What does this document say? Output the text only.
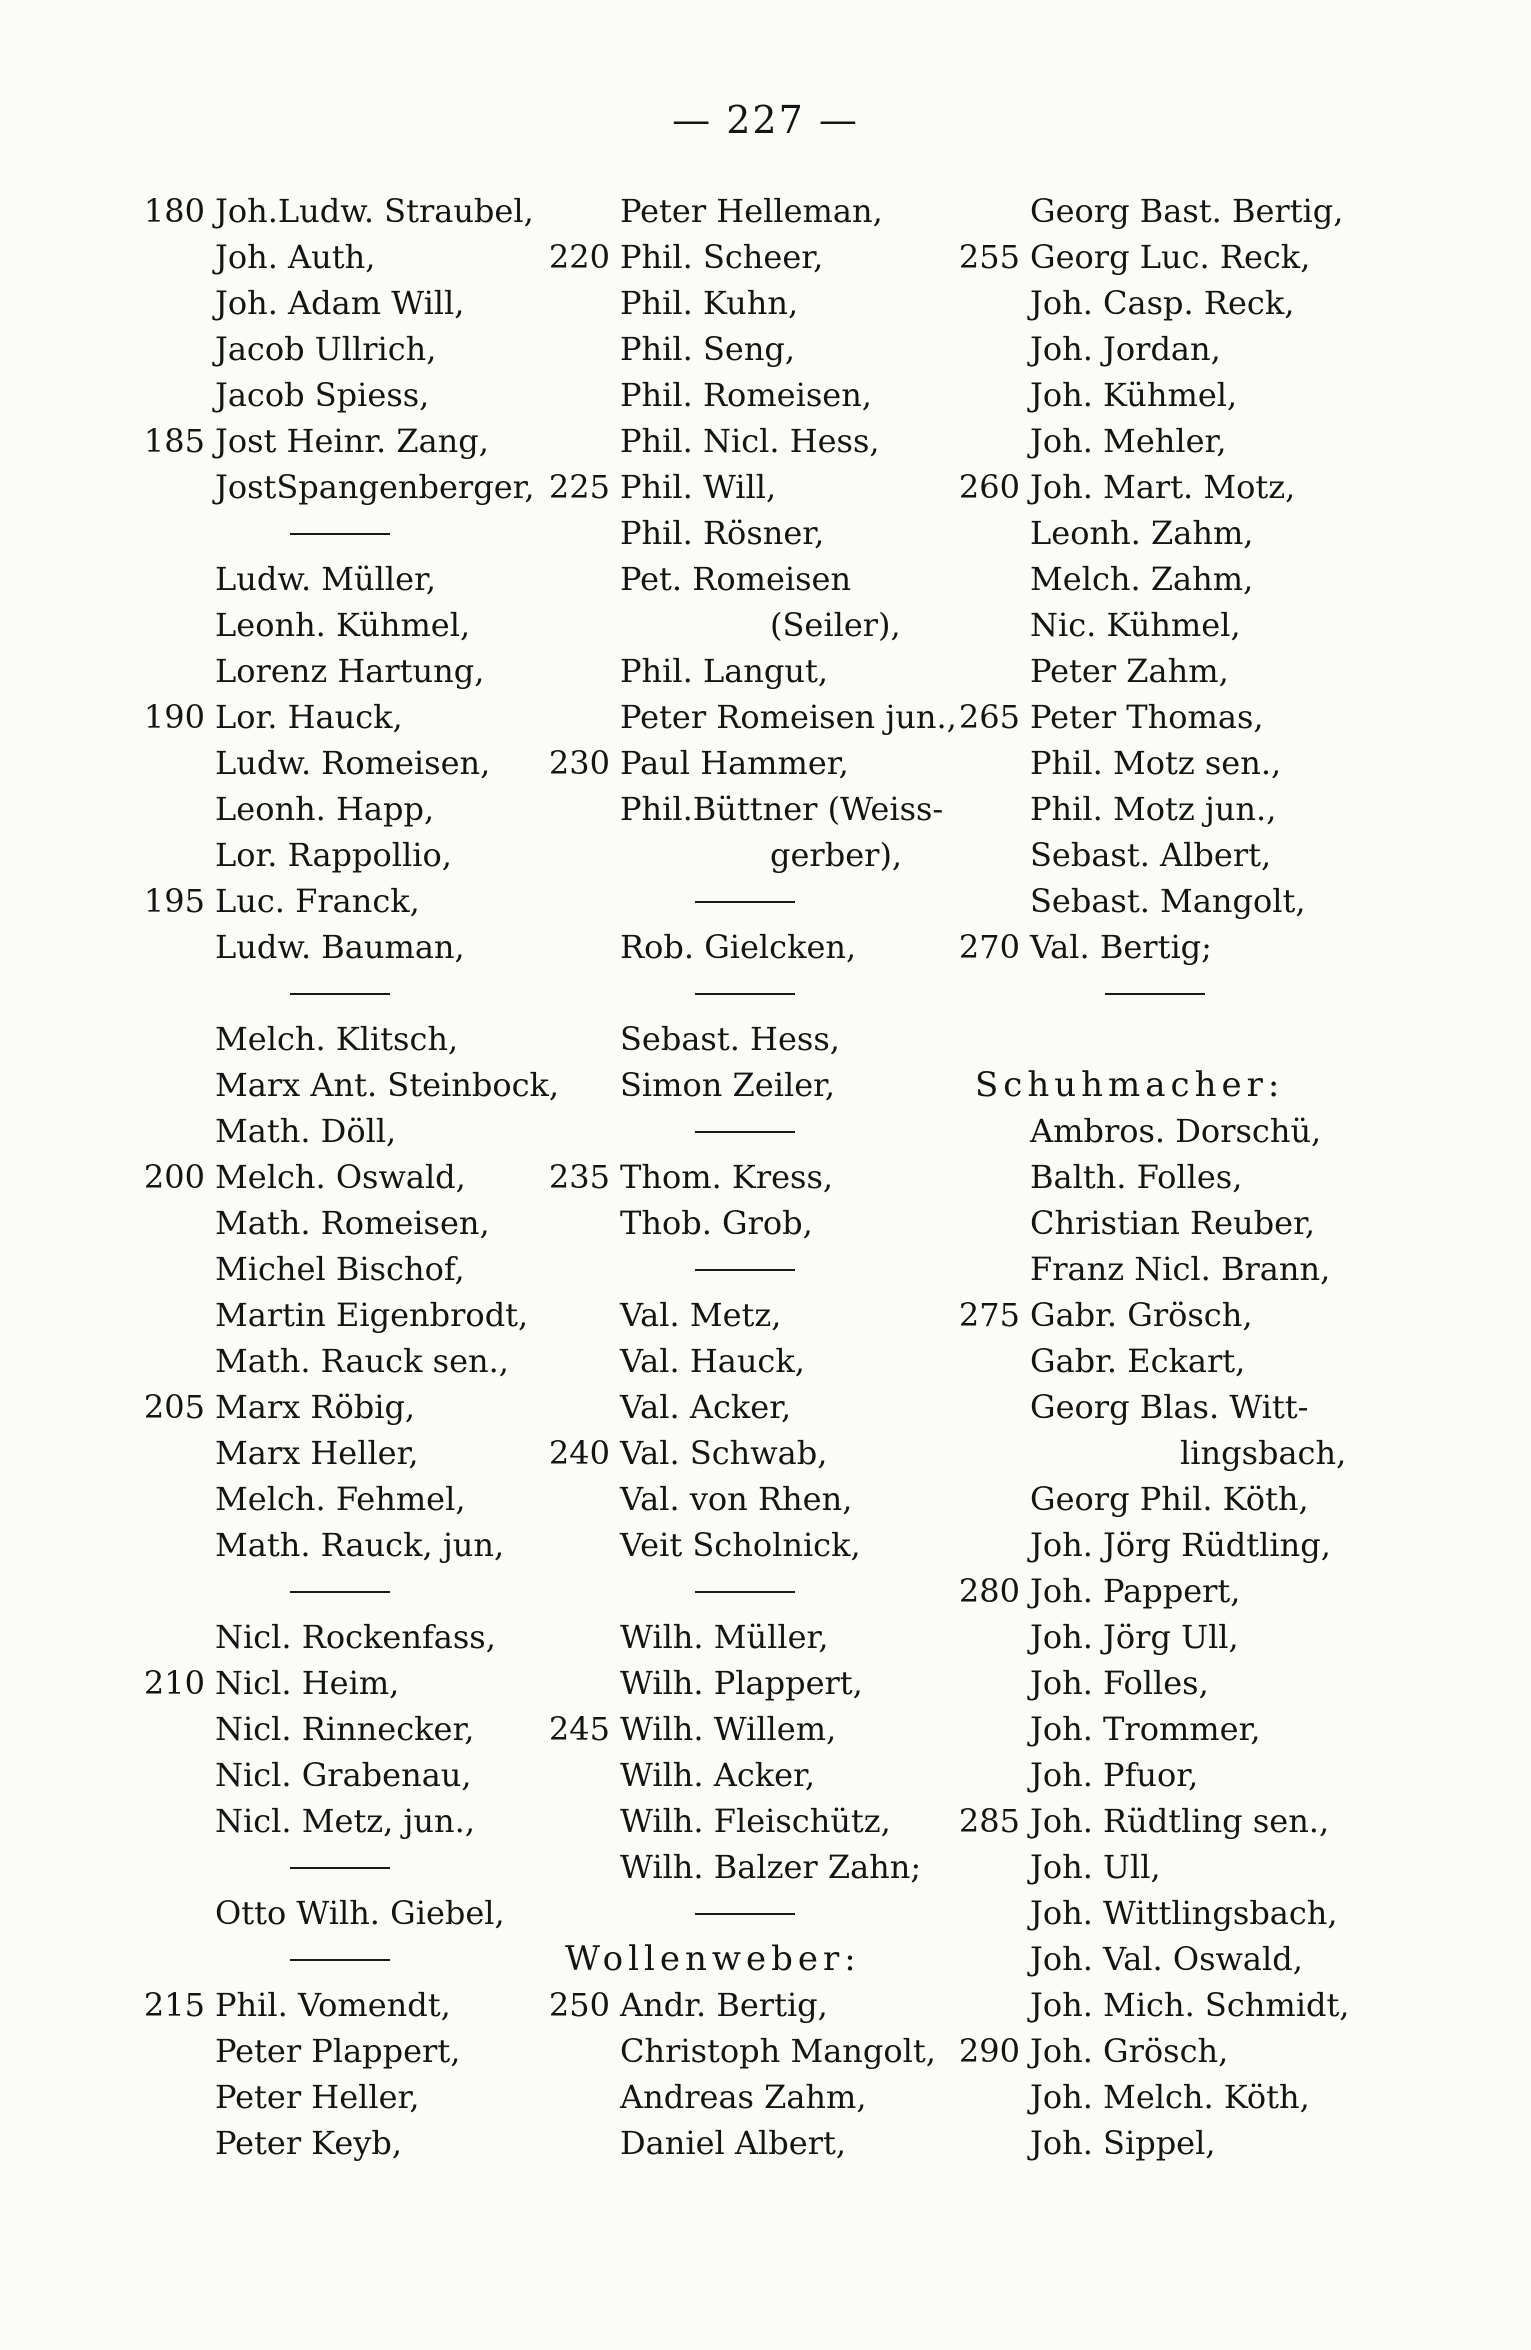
— 227 —
180 Joh.Ludw. Straubel,
Joh. Auth,
Joh. Adam Will,
Jacob Ullrich,
Jacob Spiess,
185 Jost Heinr. Zang,
JostSpangenberger,
Ludw. Müller,
Leonh. Kühmel,
Lorenz Hartung,
190 Lor. Hauck,
Ludw. Romeisen,
Leonh. Happ,
Lor. Rappollio,
195 Luc. Franck,
Ludw. Bauman,
Melch. Klitsch,
Marx Ant. Steinbock,
Math. Döll,
200 Melch. Oswald,
Math. Romeisen,
Michel Bischof,
Martin Eigenbrodt,
Math. Rauck sen.,
205 Marx Röbig,
Marx Heller,
Melch. Fehmel,
Math. Rauck, jun,
Nicl. Rockenfass,
210 Nicl. Heim,
Nicl. Rinnecker,
Nicl. Grabenau,
Nicl. Metz, jun.,
Otto Wilh. Giebel,
215 Phil. Vomendt,
Peter Plappert,
Peter Heller,
Peter Keyb,
Peter Helleman,
220 Phil. Scheer,
Phil. Kuhn,
Phil. Seng,
Phil. Romeisen,
Phil. Nicl. Hess,
225 Phil. Will,
Phil. Rösner,
Pet. Romeisen
(Seiler),
Phil. Langut,
Peter Romeisen jun.,
230 Paul Hammer,
Phil.Büttner (Weiss-
gerber),
Rob. Gielcken,
Sebast. Hess,
Simon Zeiler,
235 Thom. Kress,
Thob. Grob,
Val. Metz,
Val. Hauck,
Val. Acker,
240 Val. Schwab,
Val. von Rhen,
Veit Scholnick,
Wilh. Müller,
Wilh. Plappert,
245 Wilh. Willem,
Wilh. Acker,
Wilh. Fleischütz,
Wilh. Balzer Zahn;
Wollenweber:
250 Andr. Bertig,
Christoph Mangolt,
Andreas Zahm,
Daniel Albert,
Georg Bast. Bertig,
255 Georg Luc. Reck,
Joh. Casp. Reck,
Joh. Jordan,
Joh. Kühmel,
Joh. Mehler,
260 Joh. Mart. Motz,
Leonh. Zahm,
Melch. Zahm,
Nic. Kühmel,
Peter Zahm,
265 Peter Thomas,
Phil. Motz sen.,
Phil. Motz jun.,
Sebast. Albert,
Sebast. Mangolt,
270 Val. Bertig;
Schuhmacher:
Ambros. Dorschü,
Balth. Folles,
Christian Reuber,
Franz Nicl. Brann,
275 Gabr. Grösch,
Gabr. Eckart,
Georg Blas. Witt-
lingsbach,
Georg Phil. Köth,
Joh. Jörg Rüdtling,
280 Joh. Pappert,
Joh. Jörg Ull,
Joh. Folles,
Joh. Trommer,
Joh. Pfuor,
285 Joh. Rüdtling sen.,
Joh. Ull,
Joh. Wittlingsbach,
Joh. Val. Oswald,
Joh. Mich. Schmidt,
290 Joh. Grösch,
Joh. Melch. Köth,
Joh. Sippel,
